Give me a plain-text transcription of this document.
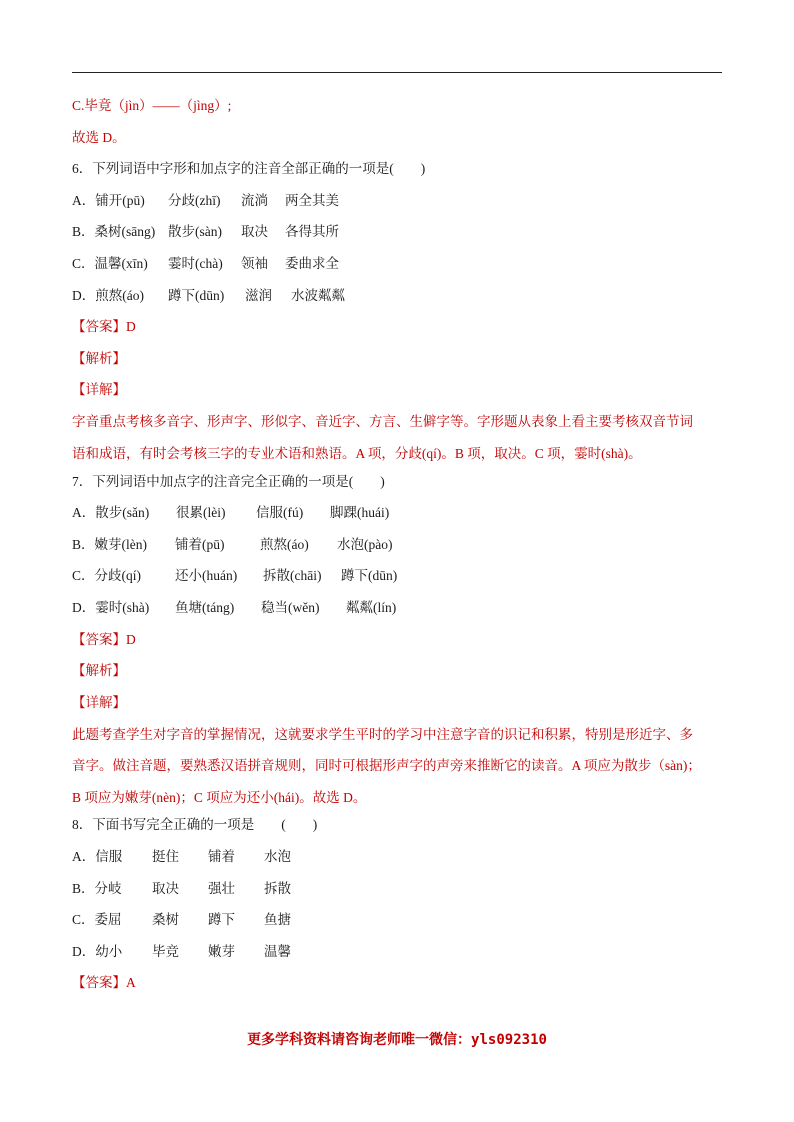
C.毕竟（jìn）——（jìng）;
故选 D。
6．下列词语中字形和加点字的注音全部正确的一项是(　　)
A．铺开(pū)	分歧(zhī)	流淌	两全其美
B．桑树(sāng) 散步(sàn)	取决	各得其所
C．温馨(xīn)	霎时(chà)	领袖	委曲求全
D．煎熬(áo)	蹲下(dūn)	滋润	水波粼粼
【答案】D
【解析】
【详解】
字音重点考核多音字、形声字、形似字、音近字、方言、生僻字等。字形题从表象上看主要考核双音节词
语和成语，有时会考核三字的专业术语和熟语。A 项，分歧(qí)。B 项，取决。C 项，霎时(shà)。
7．下列词语中加点字的注音完全正确的一项是(　　)
A．散步(sǎn)	很累(lèi)	信服(fú)	脚踝(huái)
B．嫩芽(lèn)	铺着(pū)	煎熬(áo)	水泡(pào)
C．分歧(qí)	还小(huán)	拆散(chāi)	蹲下(dūn)
D．霎时(shà)	鱼塘(táng)	稳当(wěn)	粼粼(lín)
【答案】D
【解析】
【详解】
此题考查学生对字音的掌握情况，这就要求学生平时的学习中注意字音的识记和积累，特别是形近字、多
音字。做注音题，要熟悉汉语拼音规则，同时可根据形声字的声旁来推断它的读音。A 项应为散步（sàn)；
B 项应为嫩芽(nèn)；C 项应为还小(hái)。故选 D。
8．下面书写完全正确的一项是　　(　　)
A．信服	挺住	铺着	水泡
B．分岐	取决	强壮	拆散
C．委屈	桑树	蹲下	鱼搪
D．幼小	毕竞	嫩芽	温馨
【答案】A
更多学科资料请咨询老师唯一微信：yls092310
